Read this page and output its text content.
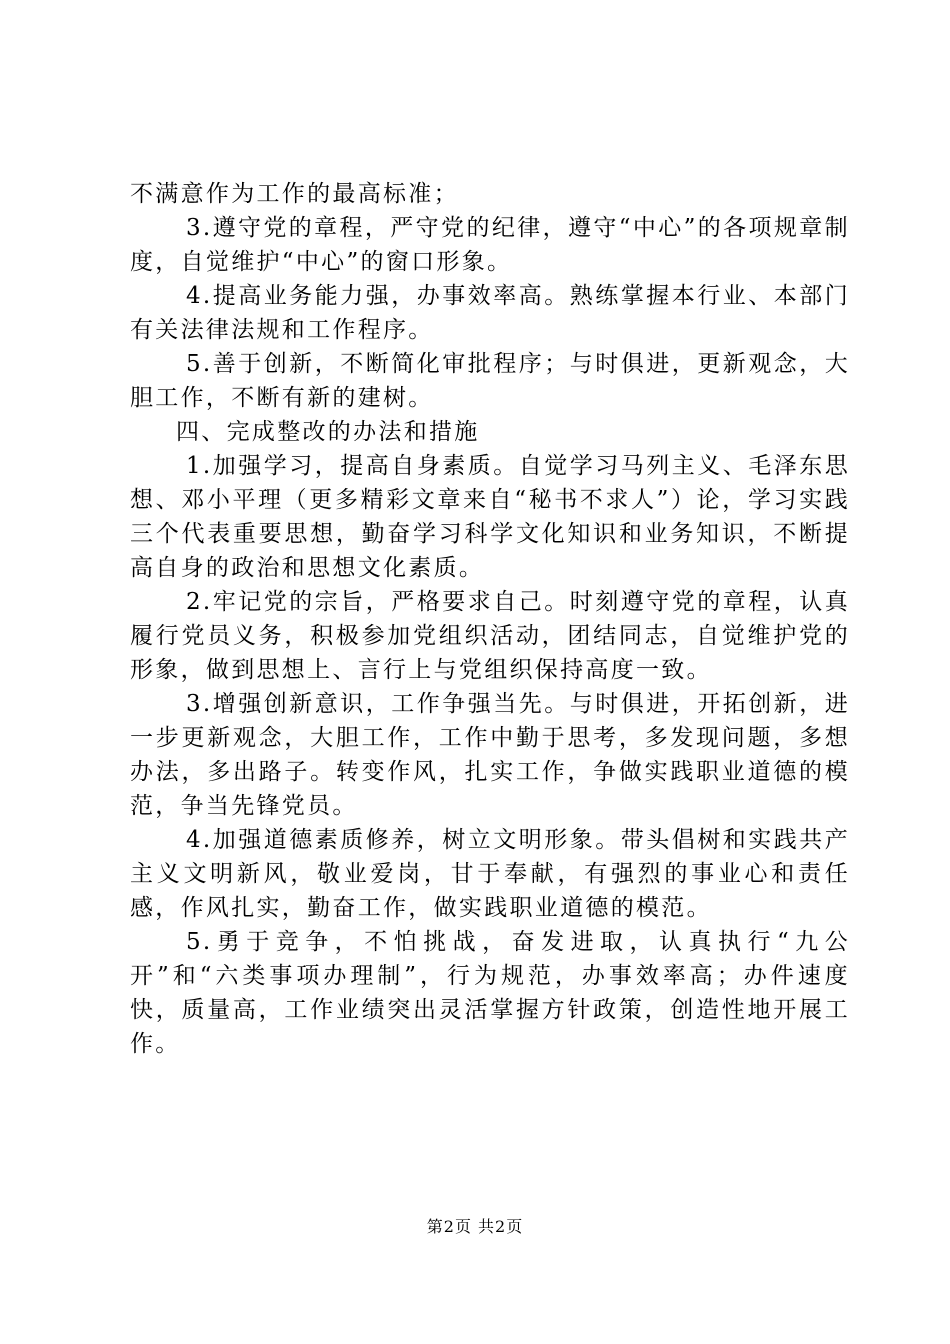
不满意作为工作的最高标准；

3.遵守党的章程，严守党的纪律，遵守“中心”的各项规章制度，自觉维护“中心”的窗口形象。

4.提高业务能力强，办事效率高。熟练掌握本行业、本部门有关法律法规和工作程序。

5.善于创新，不断简化审批程序；与时俱进，更新观念，大胆工作，不断有新的建树。

四、完成整改的办法和措施

1.加强学习，提高自身素质。自觉学习马列主义、毛泽东思想、邓小平理（更多精彩文章来自“秘书不求人”）论，学习实践三个代表重要思想，勤奋学习科学文化知识和业务知识，不断提高自身的政治和思想文化素质。

2.牢记党的宗旨，严格要求自己。时刻遵守党的章程，认真履行党员义务，积极参加党组织活动，团结同志，自觉维护党的形象，做到思想上、言行上与党组织保持高度一致。

3.增强创新意识，工作争强当先。与时俱进，开拓创新，进一步更新观念，大胆工作，工作中勤于思考，多发现问题，多想办法，多出路子。转变作风，扎实工作，争做实践职业道德的模范，争当先锋党员。

4.加强道德素质修养，树立文明形象。带头倡树和实践共产主义文明新风，敬业爱岗，甘于奉献，有强烈的事业心和责任感，作风扎实，勤奋工作，做实践职业道德的模范。

5.勇于竞争，不怕挑战，奋发进取，认真执行“九公开”和“六类事项办理制”，行为规范，办事效率高；办件速度快，质量高，工作业绩突出灵活掌握方针政策，创造性地开展工作。

第2页 共2页
